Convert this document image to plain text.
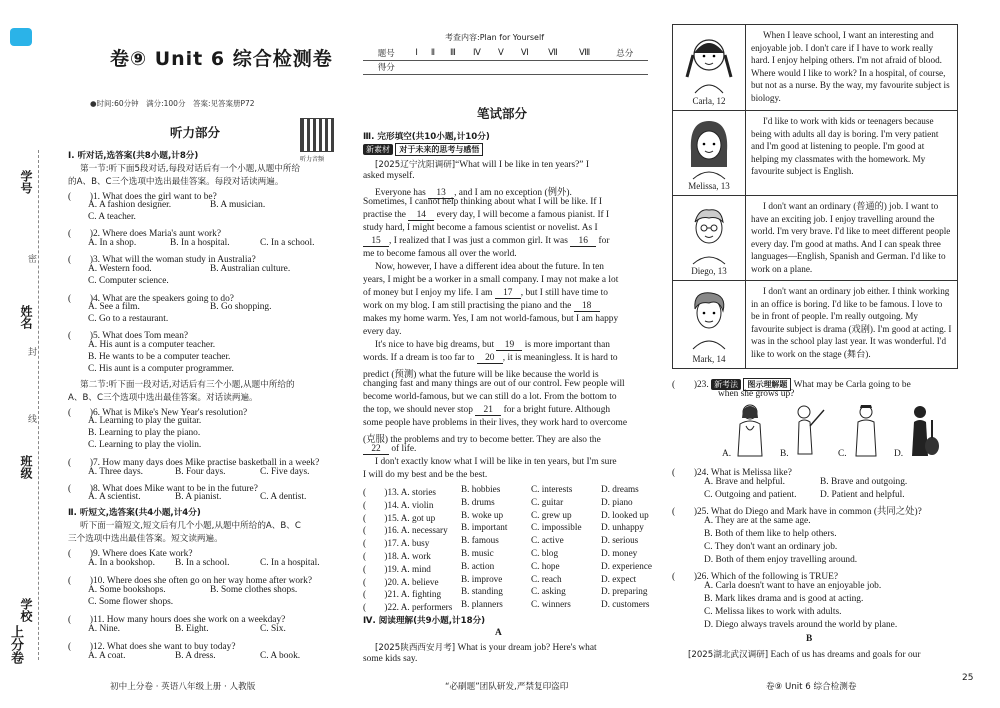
学号
姓名
班级
学校
上分卷
密
封
线
卷⑨ Unit 6 综合检测卷
●时间:60分钟　满分:100分　答案:见答案册P72
听力音频
听力部分
Ⅰ. 听对话,选答案(共8小题,计8分)
第一节:听下面5段对话,每段对话后有一个小题,从题中所给
的A、B、C三个选项中选出最佳答案。每段对话读两遍。
(　　)1. What does the girl want to be?
A. A fashion designer.	B. A musician.
C. A teacher.
(　　)2. Where does Maria's aunt work?
A. In a shop.	B. In a hospital.	C. In a school.
(　　)3. What will the woman study in Australia?
A. Western food.	B. Australian culture.
C. Computer science.
(　　)4. What are the speakers going to do?
A. See a film.	B. Go shopping.
C. Go to a restaurant.
(　　)5. What does Tom mean?
A. His aunt is a computer teacher.
B. He wants to be a computer teacher.
C. His aunt is a computer programmer.
第二节:听下面一段对话,对话后有三个小题,从题中所给的
A、B、C三个选项中选出最佳答案。对话读两遍。
(　　)6. What is Mike's New Year's resolution?
A. Learning to play the guitar.
B. Learning to play the piano.
C. Learning to play the violin.
(　　)7. How many days does Mike practise basketball in a week?
A. Three days.	B. Four days.	C. Five days.
(　　)8. What does Mike want to be in the future?
A. A scientist.	B. A pianist.	C. A dentist.
Ⅱ. 听短文,选答案(共4小题,计4分)
听下面一篇短文,短文后有几个小题,从题中所给的A、B、C
三个选项中选出最佳答案。短文读两遍。
(　　)9. Where does Kate work?
A. In a bookshop. B. In a school.	C. In a hospital.
(　　)10. Where does she often go on her way home after work?
A. Some bookshops.	B. Some clothes shops.
C. Some flower shops.
(　　)11. How many hours does she work on a weekday?
A. Nine.	B. Eight.	C. Six.
(　　)12. What does she want to buy today?
A. A coat.	B. A dress.	C. A book.
初中上分卷 · 英语八年级上册 · 人教版
考查内容:Plan for Yourself
题号	Ⅰ	Ⅱ	Ⅲ	Ⅳ	Ⅴ	Ⅵ	Ⅶ	Ⅷ	总分
得分									
笔试部分
Ⅲ. 完形填空(共10小题,计10分)
新素材 对于未来的思考与感悟
[2025辽宁沈阳调研]“What will I be like in ten years?” I
asked myself.
Everyone has 13 , and I am no exception (例外).
Sometimes, I cannot help thinking about what I will be like. If I
practise the 14 every day, I will become a famous pianist. If I
study hard, I might become a famous scientist or novelist. As I
15 , I realized that I was just a common girl. It was 16 for
me to become famous all over the world.
Now, however, I have a different idea about the future. In ten
years, I might be a worker in a small company. I may not make a lot
of money but I enjoy my life. I am 17 , but I still have time to
work on my blog. I am still practising the piano and the 18
makes my home warm. Yes, I am not world-famous, but I am happy
every day.
It's nice to have big dreams, but 19 is more important than
words. If a dream is too far to 20 , it is meaningless. It is hard to
predict (预测) what the future will be like because the world is
changing fast and many things are out of our control. Few people will
become world-famous, but we can still do a lot. From the bottom to
the top, we should never stop 21 for a bright future. Although
some people have problems in their lives, they work hard to overcome
(克服) the problems and try to become better. They are also the
22 of life.
I don't exactly know what I will be like in ten years, but I'm sure
I will do my best and be the best.
(　　)13. A. stories	B. hobbies	C. interests	D. dreams
(　　)14. A. violin	B. drums	C. guitar	D. piano
(　　)15. A. got up	B. woke up	C. grew up	D. looked up
(　　)16. A. necessary B. important	C. impossible D. unhappy
(　　)17. A. busy	B. famous	C. active	D. serious
(　　)18. A. work	B. music	C. blog	D. money
(　　)19. A. mind	B. action	C. hope	D. experience
(　　)20. A. believe B. improve	C. reach	D. expect
(　　)21. A. fighting B. standing	C. asking	D. preparing
(　　)22. A. performers B. planners	C. winners	D. customers
Ⅳ. 阅读理解(共9小题,计18分)
A
[2025陕西西安月考] What is your dream job? Here's what
some kids say.
“必刷题”团队研发,严禁复印盗印
Carla, 12	When I leave school, I want an interesting and enjoyable job. I don't care if I have to work really hard. I enjoy helping others. I'm not afraid of blood. Where would I like to work? In a hospital, of course, but not as a nurse. By the way, my favourite subject is biology.

Melissa, 13	I'd like to work with kids or teenagers because being with adults all day is boring. I'm very patient and I'm good at listening to people. I'm good at helping my classmates with the homework. My favourite subject is English.

Diego, 13	I don't want an ordinary (普通的) job. I want to have an exciting job. I enjoy travelling around the world. I'm very brave. I'd like to meet different people every day. I'm good at maths. And I can speak three languages—English, Spanish and German. I'd like to work on a plane.

Mark, 14	I don't want an ordinary job either. I think working in an office is boring. I'd like to be famous. I love to be in front of people. I'm really outgoing. My favourite subject is drama (戏剧). I'm good at acting. I was in the school play last year. It was wonderful. I'd like to work on the stage (舞台).
(　　)23. 新考法 图示理解题 What may be Carla going to be
when she grows up?
A.	B.	C.	D.
(　　)24. What is Melissa like?
A. Brave and helpful.	B. Brave and outgoing.
C. Outgoing and patient.	D. Patient and helpful.
(　　)25. What do Diego and Mark have in common (共同之处)?
A. They are at the same age.
B. Both of them like to help others.
C. They don't want an ordinary job.
D. Both of them enjoy travelling around.
(　　)26. Which of the following is TRUE?
A. Carla doesn't want to have an enjoyable job.
B. Mark likes drama and is good at acting.
C. Melissa likes to work with adults.
D. Diego always travels around the world by plane.
B
[2025湖北武汉调研] Each of us has dreams and goals for our
卷⑨ Unit 6 综合检测卷
25
